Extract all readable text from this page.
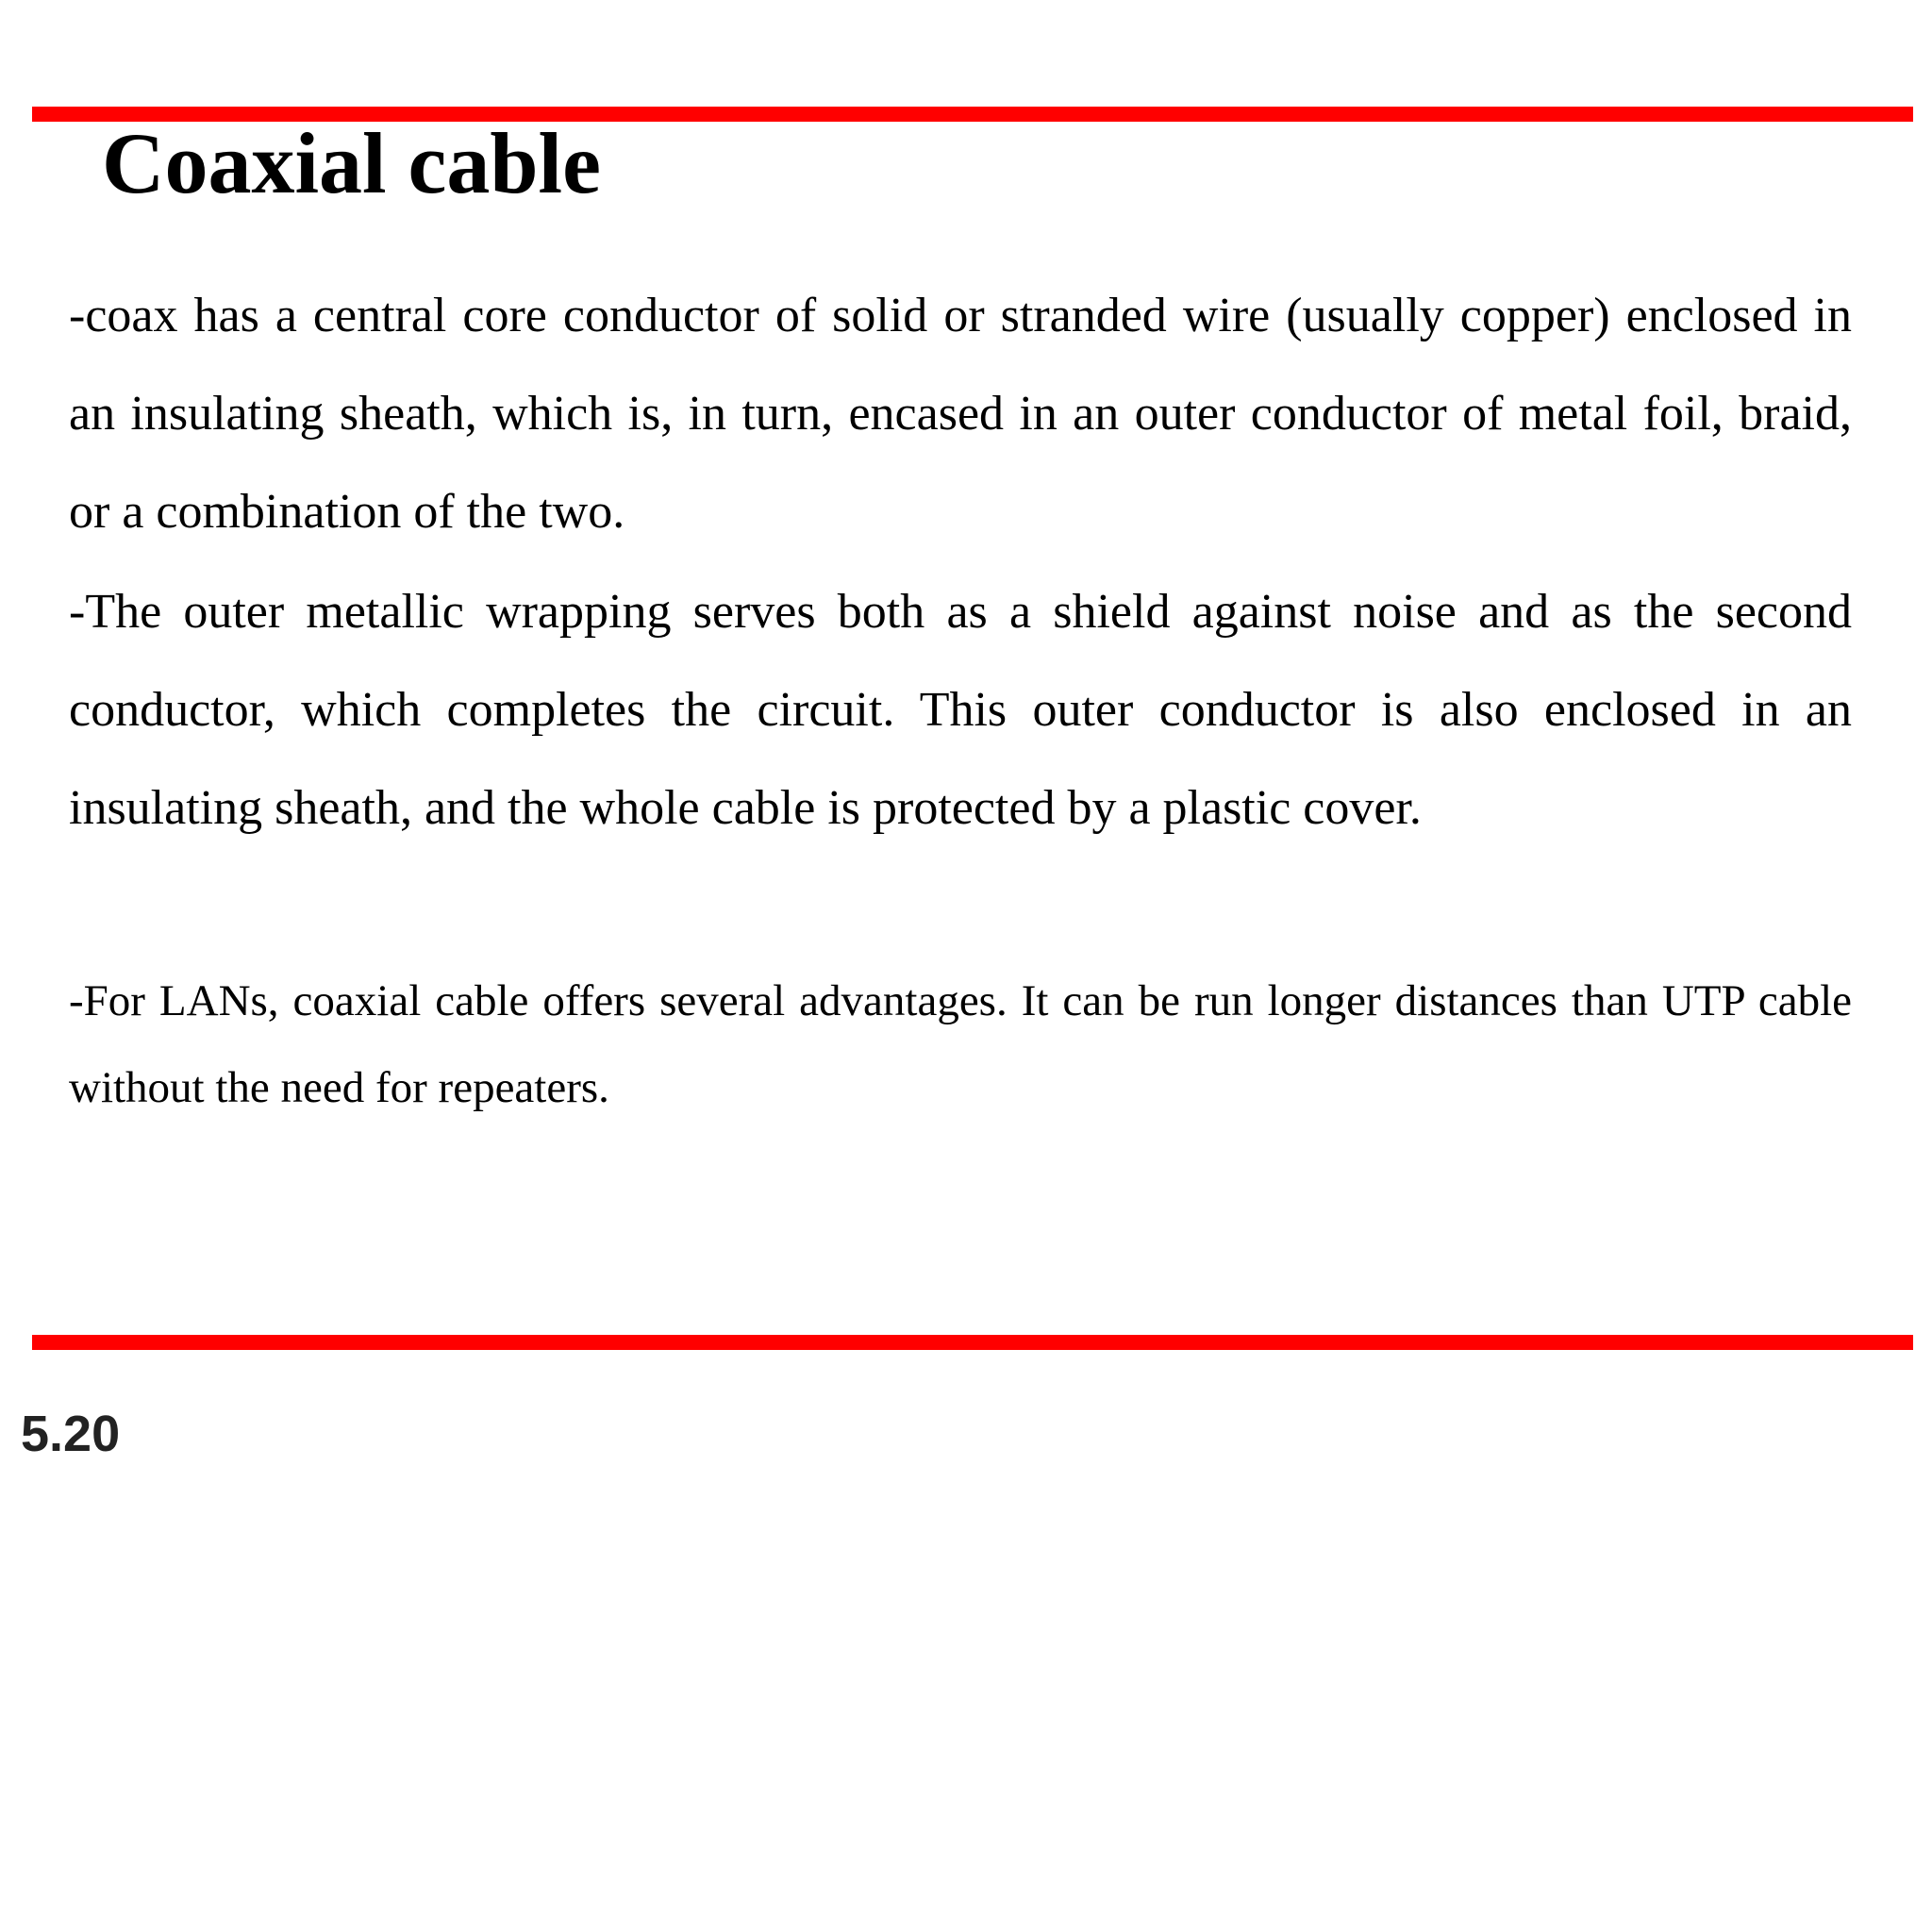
Coaxial cable

-coax has a central core conductor of solid or stranded wire (usually copper) enclosed in an insulating sheath, which is, in turn, encased in an outer conductor of metal foil, braid, or a combination of the two.

-The outer metallic wrapping serves both as a shield against noise and as the second conductor, which completes the circuit. This outer conductor is also enclosed in an insulating sheath, and the whole cable is protected by a plastic cover.

-For LANs, coaxial cable offers several advantages. It can be run longer distances than UTP cable without the need for repeaters.

5.20
